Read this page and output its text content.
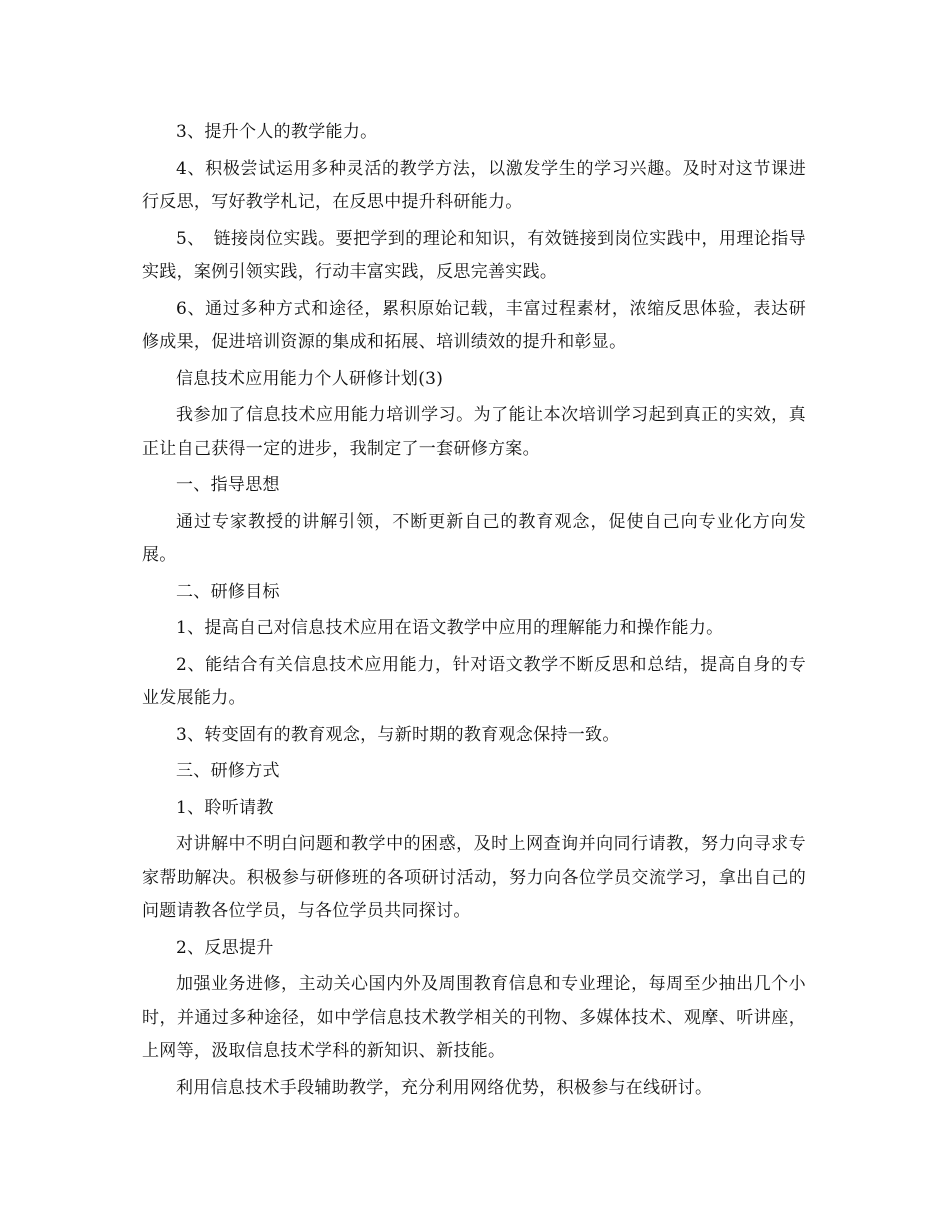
3、提升个人的教学能力。

4、积极尝试运用多种灵活的教学方法，以激发学生的学习兴趣。及时对这节课进行反思，写好教学札记，在反思中提升科研能力。

5、　链接岗位实践。要把学到的理论和知识，有效链接到岗位实践中，用理论指导实践，案例引领实践，行动丰富实践，反思完善实践。

6、通过多种方式和途径，累积原始记载，丰富过程素材，浓缩反思体验，表达研修成果，促进培训资源的集成和拓展、培训绩效的提升和彰显。

信息技术应用能力个人研修计划(3)

我参加了信息技术应用能力培训学习。为了能让本次培训学习起到真正的实效，真正让自己获得一定的进步，我制定了一套研修方案。

一、指导思想

通过专家教授的讲解引领，不断更新自己的教育观念，促使自己向专业化方向发展。

二、研修目标

1、提高自己对信息技术应用在语文教学中应用的理解能力和操作能力。

2、能结合有关信息技术应用能力，针对语文教学不断反思和总结，提高自身的专业发展能力。

3、转变固有的教育观念，与新时期的教育观念保持一致。

三、研修方式

1、聆听请教

对讲解中不明白问题和教学中的困惑，及时上网查询并向同行请教，努力向寻求专家帮助解决。积极参与研修班的各项研讨活动，努力向各位学员交流学习，拿出自己的问题请教各位学员，与各位学员共同探讨。

2、反思提升

加强业务进修，主动关心国内外及周围教育信息和专业理论，每周至少抽出几个小时，并通过多种途径，如中学信息技术教学相关的刊物、多媒体技术、观摩、听讲座，上网等，汲取信息技术学科的新知识、新技能。

利用信息技术手段辅助教学，充分利用网络优势，积极参与在线研讨。
